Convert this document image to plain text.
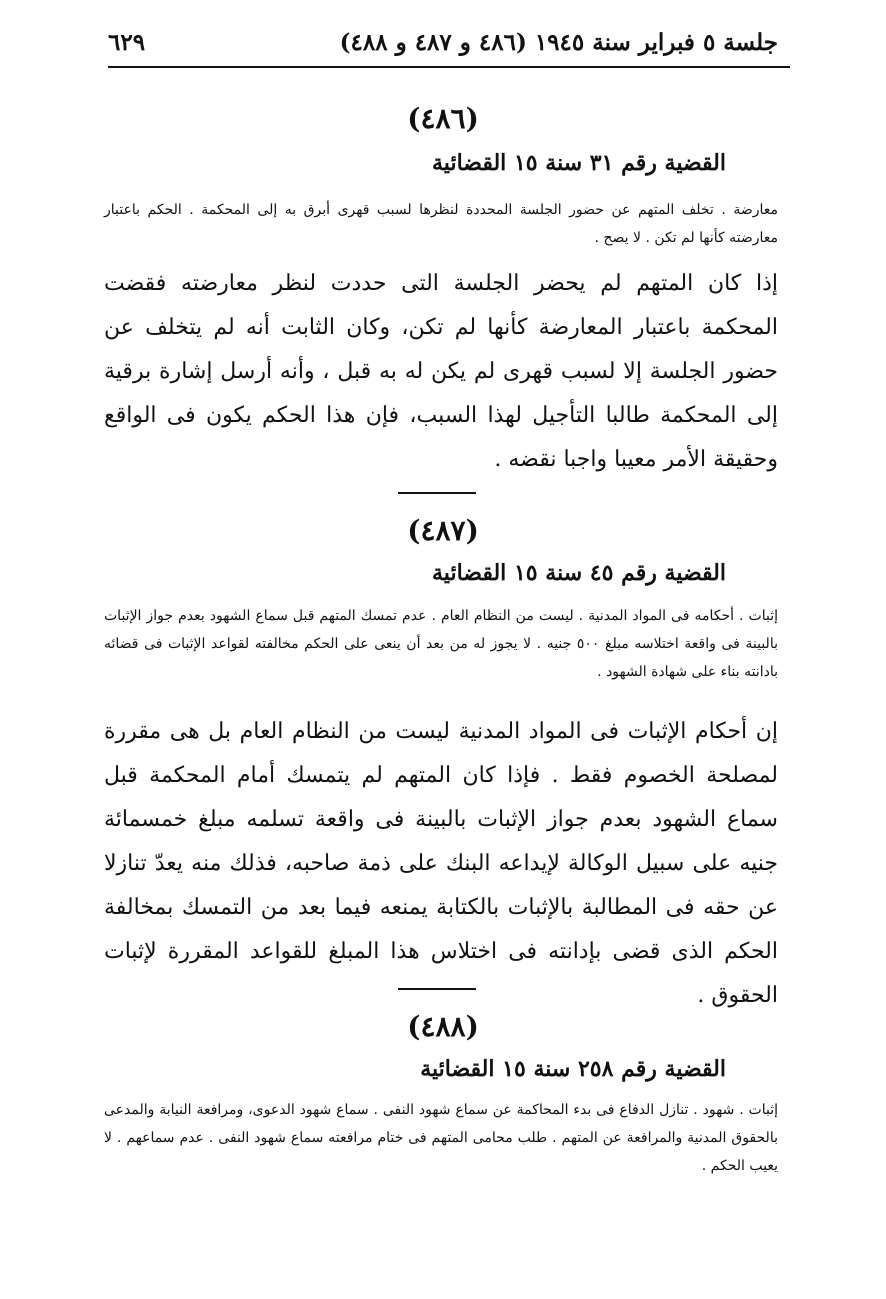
جلسة ٥ فبراير سنة ١٩٤٥ (٤٨٦ و ٤٨٧ و ٤٨٨)
٦٢٩
(٤٨٦)
القضية رقم ٣١ سنة ١٥ القضائية
معارضة . تخلف المتهم عن حضور الجلسة المحددة لنظرها لسبب قهرى أبرق به إلى المحكمة . الحكم باعتبار معارضته كأنها لم تكن . لا يصح .
إذا كان المتهم لم يحضر الجلسة التى حددت لنظر معارضته فقضت المحكمة باعتبار المعارضة كأنها لم تكن، وكان الثابت أنه لم يتخلف عن حضور الجلسة إلا لسبب قهرى لم يكن له به قبل ، وأنه أرسل إشارة برقية إلى المحكمة طالبا التأجيل لهذا السبب، فإن هذا الحكم يكون فى الواقع وحقيقة الأمر معيبا واجبا نقضه .
(٤٨٧)
القضية رقم ٤٥ سنة ١٥ القضائية
إثبات . أحكامه فى المواد المدنية . ليست من النظام العام . عدم تمسك المتهم قبل سماع الشهود بعدم جواز الإثبات بالبينة فى واقعة اختلاسه مبلغ ٥٠٠ جنيه . لا يجوز له من بعد أن ينعى على الحكم مخالفته لقواعد الإثبات فى قضائه بادانته بناء على شهادة الشهود .
إن أحكام الإثبات فى المواد المدنية ليست من النظام العام بل هى مقررة لمصلحة الخصوم فقط . فإذا كان المتهم لم يتمسك أمام المحكمة قبل سماع الشهود بعدم جواز الإثبات بالبينة فى واقعة تسلمه مبلغ خمسمائة جنيه على سبيل الوكالة لإيداعه البنك على ذمة صاحبه، فذلك منه يعدّ تنازلا عن حقه فى المطالبة بالإثبات بالكتابة يمنعه فيما بعد من التمسك بمخالفة الحكم الذى قضى بإدانته فى اختلاس هذا المبلغ للقواعد المقررة لإثبات الحقوق .
(٤٨٨)
القضية رقم ٢٥٨ سنة ١٥ القضائية
إثبات . شهود . تنازل الدفاع فى بدء المحاكمة عن سماع شهود النفى . سماع شهود الدعوى، ومرافعة النيابة والمدعى بالحقوق المدنية والمرافعة عن المتهم . طلب محامى المتهم فى ختام مرافعته سماع شهود النفى . عدم سماعهم . لا يعيب الحكم .
